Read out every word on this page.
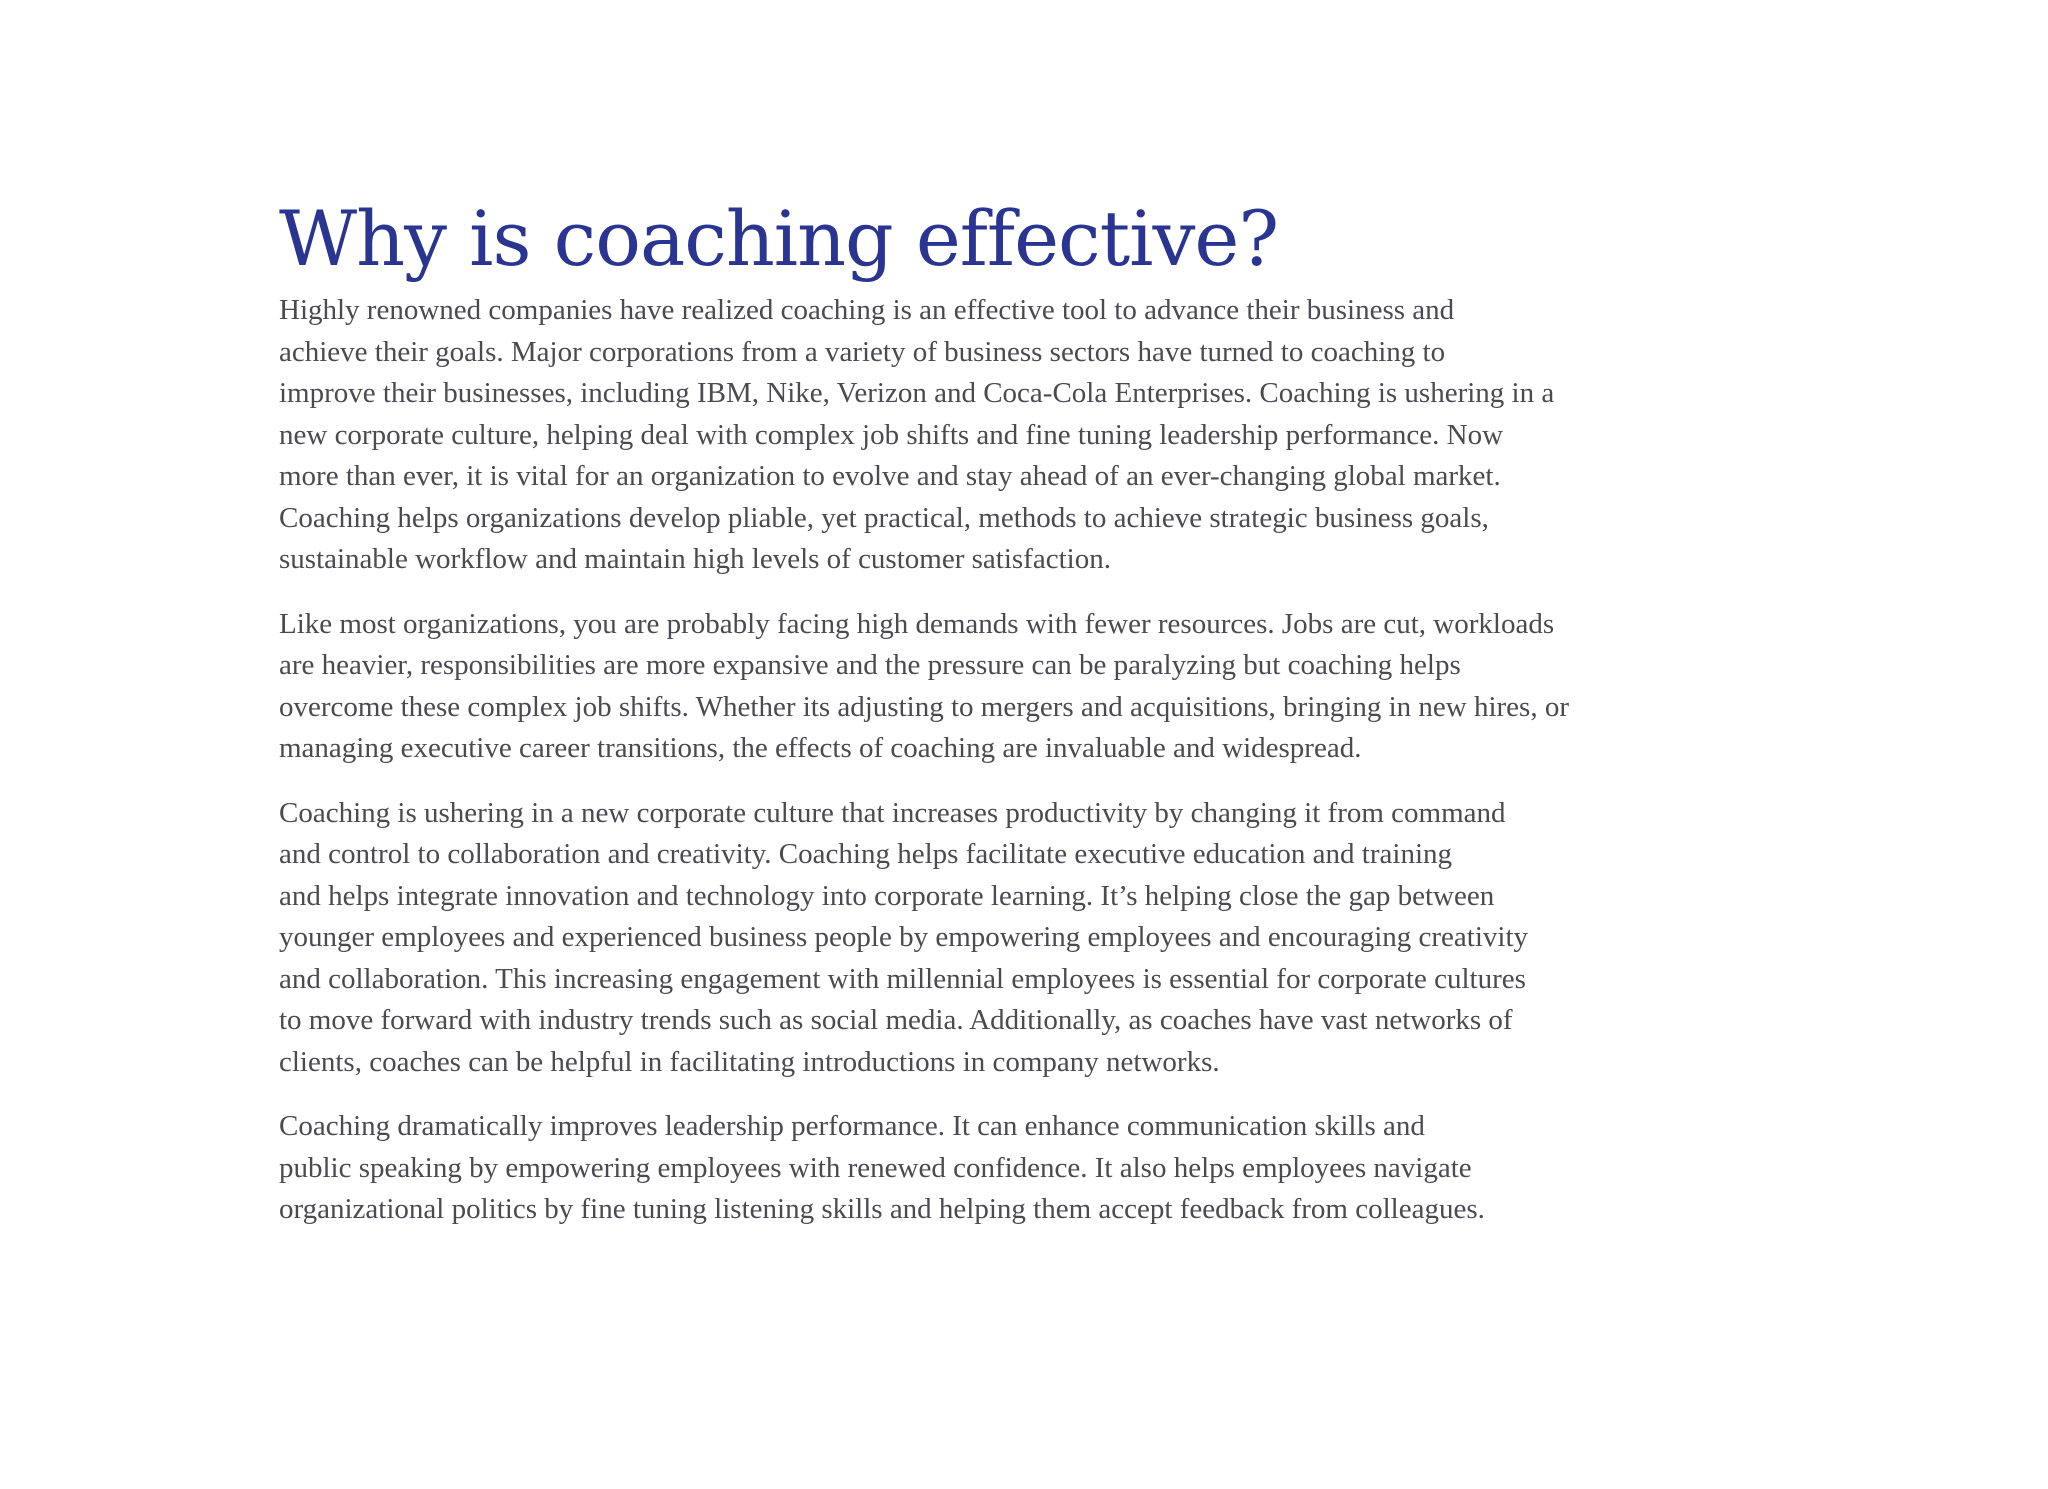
Why is coaching effective?

Highly renowned companies have realized coaching is an effective tool to advance their business and
achieve their goals. Major corporations from a variety of business sectors have turned to coaching to
improve their businesses, including IBM, Nike, Verizon and Coca-Cola Enterprises. Coaching is ushering in a
new corporate culture, helping deal with complex job shifts and fine tuning leadership performance. Now
more than ever, it is vital for an organization to evolve and stay ahead of an ever-changing global market.
Coaching helps organizations develop pliable, yet practical, methods to achieve strategic business goals,
sustainable workflow and maintain high levels of customer satisfaction.

Like most organizations, you are probably facing high demands with fewer resources. Jobs are cut, workloads
are heavier, responsibilities are more expansive and the pressure can be paralyzing but coaching helps
overcome these complex job shifts. Whether its adjusting to mergers and acquisitions, bringing in new hires, or
managing executive career transitions, the effects of coaching are invaluable and widespread.

Coaching is ushering in a new corporate culture that increases productivity by changing it from command
and control to collaboration and creativity. Coaching helps facilitate executive education and training
and helps integrate innovation and technology into corporate learning. It’s helping close the gap between
younger employees and experienced business people by empowering employees and encouraging creativity
and collaboration. This increasing engagement with millennial employees is essential for corporate cultures
to move forward with industry trends such as social media. Additionally, as coaches have vast networks of
clients, coaches can be helpful in facilitating introductions in company networks.

Coaching dramatically improves leadership performance. It can enhance communication skills and
public speaking by empowering employees with renewed confidence. It also helps employees navigate
organizational politics by fine tuning listening skills and helping them accept feedback from colleagues.
